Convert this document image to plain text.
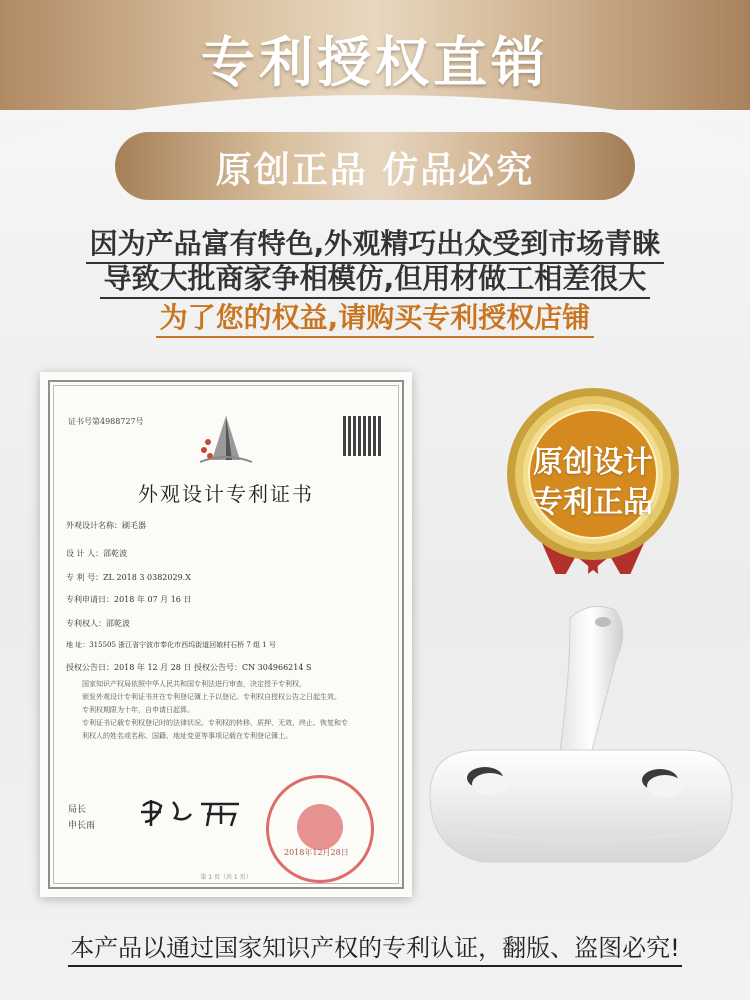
专利授权直销
原创正品 仿品必究
因为产品富有特色,外观精巧出众受到市场青睐
导致大批商家争相模仿,但用材做工相差很大
为了您的权益,请购买专利授权店铺
证书号第4988727号
外观设计专利证书
外观设计名称：刷毛器
设 计 人：邵乾波
专 利 号：ZL 2018 3 0382029.X
专利申请日：2018 年 07 月 16 日
专利权人：邵乾波
地 址：315505 浙江省宁波市奉化市西坞街道回娘村石桥 7 组 1 号
授权公告日：2018 年 12 月 28 日 授权公告号：CN 304966214 S
国家知识产权局依照中华人民共和国专利法进行审查，决定授予专利权，
颁发外观设计专利证书并在专利登记簿上予以登记。专利权自授权公告之日起生效。
专利权期限为十年，自申请日起算。
专利证书记载专利权登记时的法律状况。专利权的转移、质押、无效、终止、恢复和专
利权人的姓名或名称、国籍、地址变更等事项记载在专利登记簿上。
局长
申长雨
2018年12月28日
第 1 页（共 1 页）
原创设计
专利正品
本产品以通过国家知识产权的专利认证，翻版、盗图必究!
